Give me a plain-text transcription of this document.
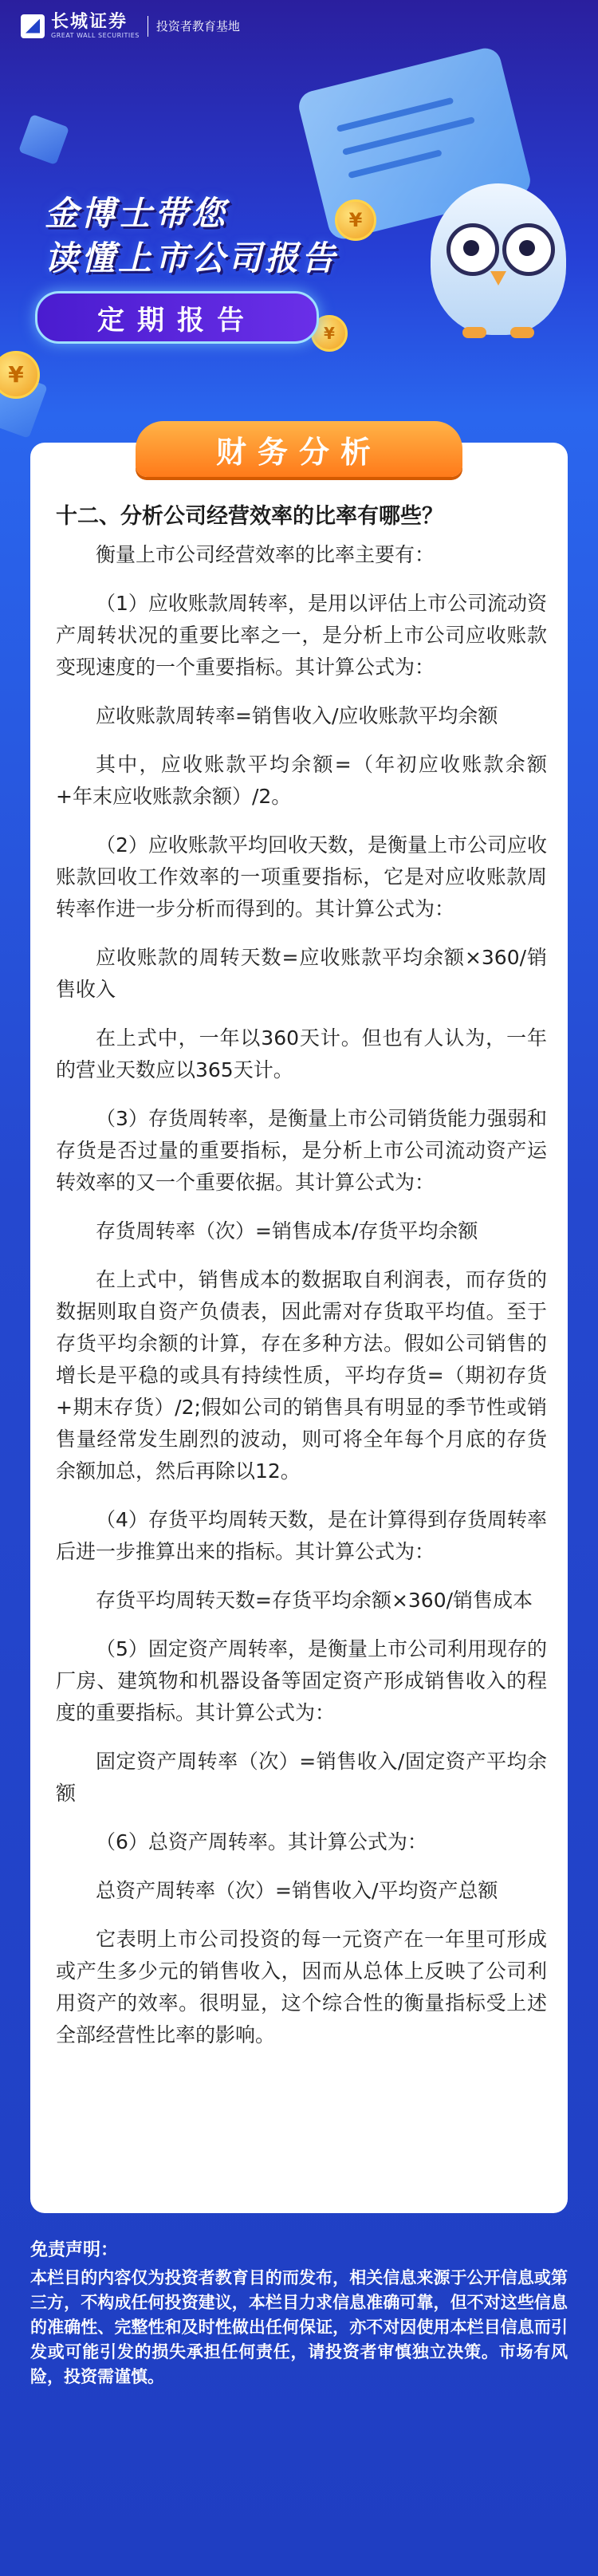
¥
¥
¥
长城证券
GREAT WALL SECURITIES
投资者教育基地
金博士带您
读懂上市公司报告
定期报告
财务分析
十二、分析公司经营效率的比率有哪些？

衡量上市公司经营效率的比率主要有：

（1）应收账款周转率，是用以评估上市公司流动资产周转状况的重要比率之一，是分析上市公司应收账款变现速度的一个重要指标。其计算公式为：

应收账款周转率=销售收入/应收账款平均余额

其中，应收账款平均余额=（年初应收账款余额+年末应收账款余额）/2。

（2）应收账款平均回收天数，是衡量上市公司应收账款回收工作效率的一项重要指标，它是对应收账款周转率作进一步分析而得到的。其计算公式为：

应收账款的周转天数=应收账款平均余额×360/销售收入

在上式中，一年以360天计。但也有人认为，一年的营业天数应以365天计。

（3）存货周转率，是衡量上市公司销货能力强弱和存货是否过量的重要指标，是分析上市公司流动资产运转效率的又一个重要依据。其计算公式为：

存货周转率（次）=销售成本/存货平均余额

在上式中，销售成本的数据取自利润表，而存货的数据则取自资产负债表，因此需对存货取平均值。至于存货平均余额的计算，存在多种方法。假如公司销售的增长是平稳的或具有持续性质，平均存货=（期初存货+期末存货）/2;假如公司的销售具有明显的季节性或销售量经常发生剧烈的波动，则可将全年每个月底的存货余额加总，然后再除以12。

（4）存货平均周转天数，是在计算得到存货周转率后进一步推算出来的指标。其计算公式为：

存货平均周转天数=存货平均余额×360/销售成本

（5）固定资产周转率，是衡量上市公司利用现存的厂房、建筑物和机器设备等固定资产形成销售收入的程度的重要指标。其计算公式为：

固定资产周转率（次）=销售收入/固定资产平均余额

（6）总资产周转率。其计算公式为：

总资产周转率（次）=销售收入/平均资产总额

它表明上市公司投资的每一元资产在一年里可形成或产生多少元的销售收入，因而从总体上反映了公司利用资产的效率。很明显，这个综合性的衡量指标受上述全部经营性比率的影响。

免责声明：
本栏目的内容仅为投资者教育目的而发布，相关信息来源于公开信息或第三方，不构成任何投资建议，本栏目力求信息准确可靠，但不对这些信息的准确性、完整性和及时性做出任何保证，亦不对因使用本栏目信息而引发或可能引发的损失承担任何责任，请投资者审慎独立决策。市场有风险，投资需谨慎。
